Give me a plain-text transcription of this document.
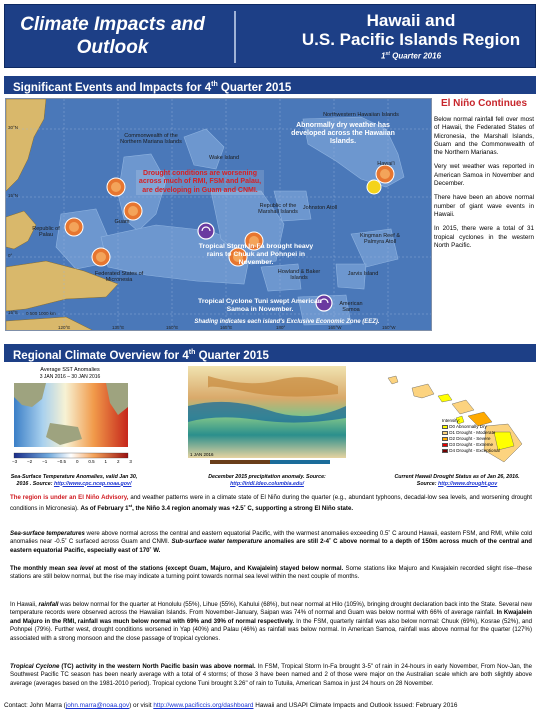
Climate Impacts and
Outlook
Hawaii and
U.S. Pacific Islands Region
1st Quarter 2016
Significant Events and Impacts for 4th Quarter 2015
30°N
15°N
0°
15°S
120°E	135°E	150°E	165°E	180°	165°W	150°W
0 500 1000 km
Northwestern Hawaiian Islands
Hawai'i
Commonwealth of the Northern Mariana Islands
Wake Island
Guam
Republic of Palau
Federated States of Micronesia
Republic of the Marshall Islands
Johnston Atoll
Kingman Reef & Palmyra Atoll
Howland & Baker Islands
Jarvis Island
American Samoa
Abnormally dry weather has developed across the Hawaiian Islands.
Drought conditions are worsening across much of RMI, FSM and Palau, are developing in Guam and CNMI.
Tropical Storm In-Fa brought heavy rains to Chuuk and Pohnpei in November.
Tropical Cyclone Tuni swept American Samoa in November.
Shading indicates each island's Exclusive Economic Zone (EEZ).
El Niño Continues

Below normal rainfall fell over most of Hawaii, the Federated States of Micronesia, the Marshall Islands, Guam and the Commonwealth of the Northern Marianas.

Very wet weather was reported in American Samoa in November and December.

There have been an above normal number of giant wave events in Hawaii.

In 2015, there were a total of 31 tropical cyclones in the western North Pacific.

Regional Climate Overview for 4th Quarter 2015
Average SST Anomalies
3 JAN 2016 – 30 JAN 2016
−3 −2 −1 −0.5 0 0.5 1 2 3
Sea-Surface Temperature Anomalies, valid Jan 30,
2016 . Source: http://www.cpc.ncep.noaa.gov/
1 JAN 2016
December 2015 precipitation anomaly. Source:
http://iridl.ldeo.columbia.edu/
Intensity:
D0 Abnormally Dry
D1 Drought - Moderate
D2 Drought - Severe
D3 Drought - Extreme
D4 Drought - Exceptional
Current Hawaii Drought Status as of Jan 26, 2016.
Source: http://www.drought.gov
The region is under an El Niño Advisory, and weather patterns were in a climate state of El Niño during the quarter (e.g., abundant typhoons, decadal-low sea levels, and worsening drought conditions in Micronesia). As of February 1st, the Niño 3.4 region anomaly was +2.5˚ C, supporting a strong El Niño state.
Sea-surface temperatures were above normal across the central and eastern equatorial Pacific, with the warmest anomalies exceeding 0.5˚ C around Hawaii, eastern FSM, and RMI, while cold anomalies near -0.5˚ C surfaced across Guam and CNMI. Sub-surface water temperature anomalies are still 2-4˚ C above normal to a depth of 150m across much of the central and eastern equatorial Pacific, especially east of 170˚ W.
The monthly mean sea level at most of the stations (except Guam, Majuro, and Kwajalein) stayed below normal. Some stations like Majuro and Kwajalein recorded slight rise--these stations are still below normal, but the rise may indicate a turning point towards normal sea level within the next couple of months.
In Hawaii, rainfall was below normal for the quarter at Honolulu (55%), Lihue (55%), Kahului (68%), but near normal at Hilo (105%), bringing drought declaration back into the State. Several new temperature records were observed across the Hawaiian Islands. From November-January, Saipan was 74% of normal and Guam was below normal with 66% of average rainfall. In Kwajalein and Majuro in the RMI, rainfall was much below normal with 69% and 39% of normal respectively. In the FSM, quarterly rainfall was also below normal: Chuuk (69%), Kosrae (52%), and Pohnpei (79%). Further west, drought conditions worsened in Yap (40%) and Palau (46%) as rainfall was below normal. In American Samoa, rainfall was above normal for the quarter (127%) associated with a strong monsoon and the close passage of tropical cyclones.
Tropical Cyclone (TC) activity in the western North Pacific basin was above normal. In FSM, Tropical Storm In-Fa brought 3-5" of rain in 24-hours in early November, From Nov-Jan, the Southwest Pacific TC season has been nearly average with a total of 4 storms; of those 3 have been named and 2 of those were major on the Australian scale which are both slightly above average (averages based on the 1981-2010 period). Tropical cyclone Tuni brought 3.26" of rain to Tutuila, American Samoa in just 24 hours on 28 November.
Contact: John Marra (john.marra@noaa.gov) or visit http://www.pacificcis.org/dashboard Hawaii and USAPI Climate Impacts and Outlook Issued: February 2016
